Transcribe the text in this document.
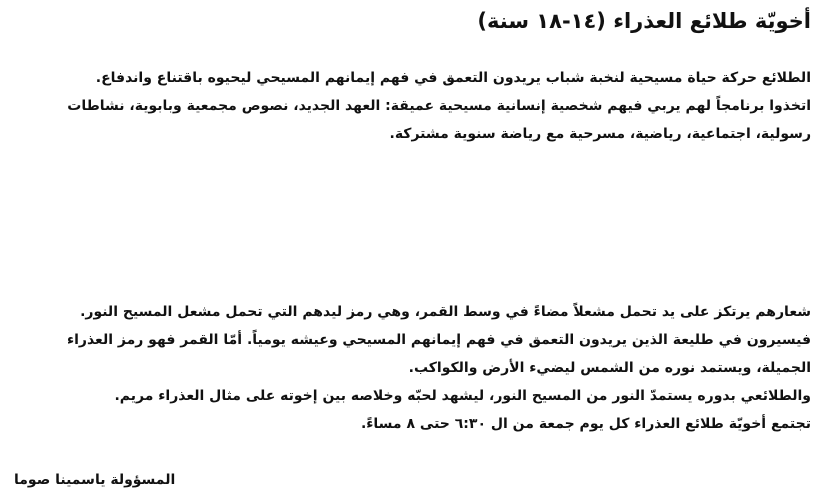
أخويّة طلائع العذراء (١٤-١٨ سنة)

الطلائع حركة حياة مسيحية لنخبة شباب يريدون التعمق في فهم إيمانهم المسيحي ليحيوه باقتناع واندفاع.
اتخذوا برنامجاً لهم يربي فيهم شخصية إنسانية مسيحية عميقة: العهد الجديد، نصوص مجمعية وبابوية، نشاطات
رسولية، اجتماعية، رياضية، مسرحية مع رياضة سنوية مشتركة.

شعارهم يرتكز على يد تحمل مشعلاً مضاءً في وسط القمر، وهي رمز ليدهم التي تحمل مشعل المسيح النور.
فيسيرون في طليعة الذين يريدون التعمق في فهم إيمانهم المسيحي وعيشه يومياً. أمّا القمر فهو رمز العذراء
الجميلة، ويستمد نوره من الشمس ليضيء الأرض والكواكب.
والطلائعي بدوره يستمدّ النور من المسيح النور، ليشهد لحبّه وخلاصه بين إخوته على مثال العذراء مريم.
تجتمع أخويّة طلائع العذراء كل يوم جمعة من ال ٦:٣٠ حتى ٨ مساءً.

المسؤولة ياسمينا صوما
